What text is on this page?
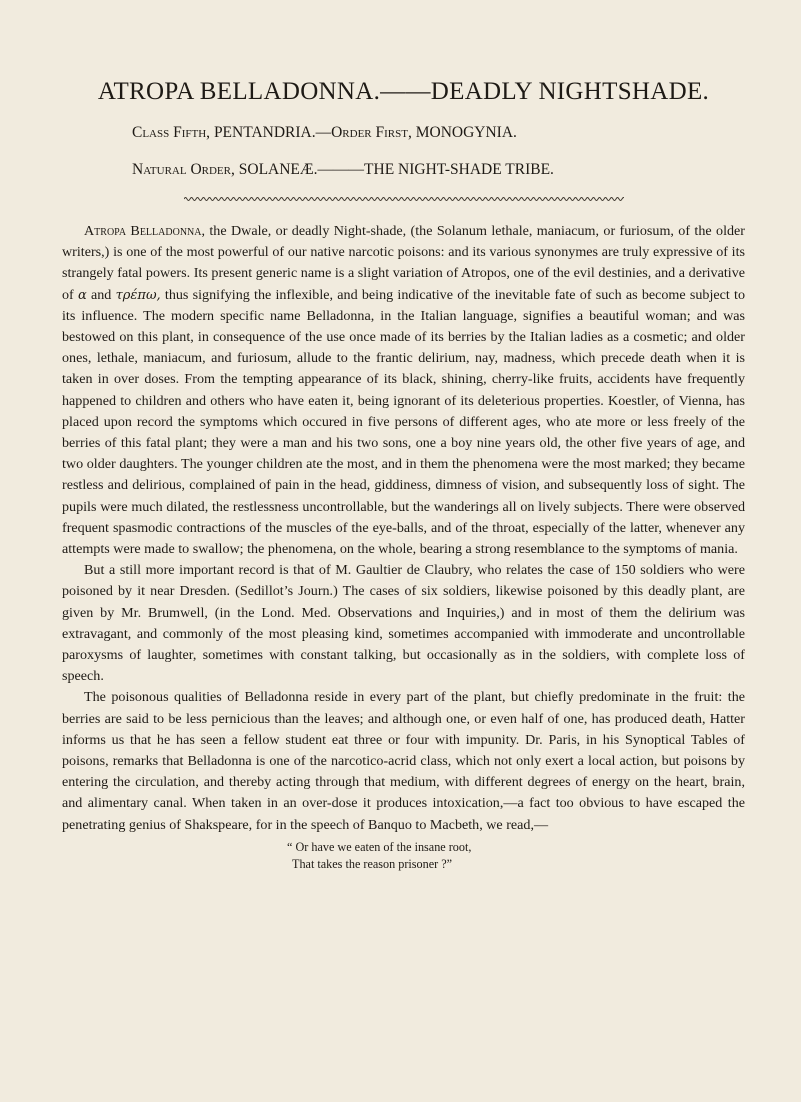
ATROPA BELLADONNA.——DEADLY NIGHTSHADE.

Class Fifth, PENTANDRIA.—Order First, MONOGYNIA.

Natural Order, SOLANEÆ.———THE NIGHT-SHADE TRIBE.

Atropa Belladonna, the Dwale, or deadly Night-shade, (the Solanum lethale, maniacum, or furiosum, of the older writers,) is one of the most powerful of our native narcotic poisons: and its various synonymes are truly expressive of its strangely fatal powers. Its present generic name is a slight variation of Atropos, one of the evil destinies, and a derivative of α and τρέπω, thus signifying the inflexible, and being indicative of the inevitable fate of such as become subject to its influence. The modern specific name Belladonna, in the Italian language, signifies a beautiful woman; and was bestowed on this plant, in consequence of the use once made of its berries by the Italian ladies as a cosmetic; and older ones, lethale, maniacum, and furiosum, allude to the frantic delirium, nay, madness, which precede death when it is taken in over doses. From the tempting appearance of its black, shining, cherry-like fruits, accidents have frequently happened to children and others who have eaten it, being ignorant of its deleterious properties. Koestler, of Vienna, has placed upon record the symptoms which occured in five persons of different ages, who ate more or less freely of the berries of this fatal plant; they were a man and his two sons, one a boy nine years old, the other five years of age, and two older daughters. The younger children ate the most, and in them the phenomena were the most marked; they became restless and delirious, complained of pain in the head, giddiness, dimness of vision, and subsequently loss of sight. The pupils were much dilated, the restlessness uncontrollable, but the wanderings all on lively subjects. There were observed frequent spasmodic contractions of the muscles of the eye-balls, and of the throat, especially of the latter, whenever any attempts were made to swallow; the phenomena, on the whole, bearing a strong resemblance to the symptoms of mania.

But a still more important record is that of M. Gaultier de Claubry, who relates the case of 150 soldiers who were poisoned by it near Dresden. (Sedillot’s Journ.) The cases of six soldiers, likewise poisoned by this deadly plant, are given by Mr. Brumwell, (in the Lond. Med. Observations and Inquiries,) and in most of them the delirium was extravagant, and commonly of the most pleasing kind, sometimes accompanied with immoderate and uncontrollable paroxysms of laughter, sometimes with constant talking, but occasionally as in the soldiers, with complete loss of speech.

The poisonous qualities of Belladonna reside in every part of the plant, but chiefly predominate in the fruit: the berries are said to be less pernicious than the leaves; and although one, or even half of one, has produced death, Hatter informs us that he has seen a fellow student eat three or four with impunity. Dr. Paris, in his Synoptical Tables of poisons, remarks that Belladonna is one of the narcotico-acrid class, which not only exert a local action, but poisons by entering the circulation, and thereby acting through that medium, with different degrees of energy on the heart, brain, and alimentary canal. When taken in an over-dose it produces intoxication,—a fact too obvious to have escaped the penetrating genius of Shakspeare, for in the speech of Banquo to Macbeth, we read,—

“ Or have we eaten of the insane root,
That takes the reason prisoner ?”
